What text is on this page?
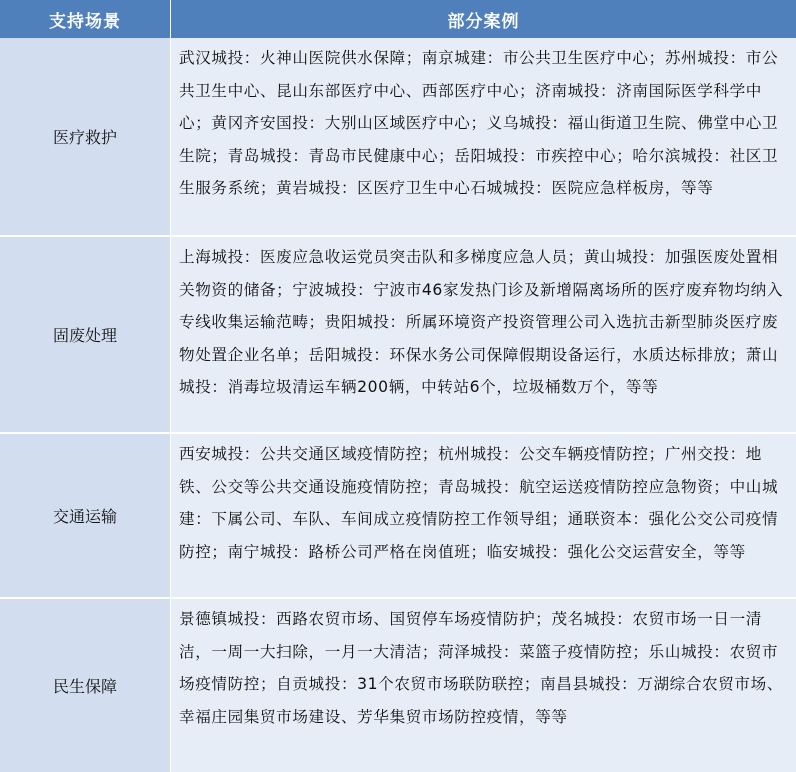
支持场景	部分案例
医疗救护
武汉城投：火神山医院供水保障；南京城建：市公共卫生医疗中心；苏州城投：市公共卫生中心、昆山东部医疗中心、西部医疗中心；济南城投：济南国际医学科学中心；黄冈齐安国投：大别山区域医疗中心；义乌城投：福山街道卫生院、佛堂中心卫生院；青岛城投：青岛市民健康中心；岳阳城投：市疾控中心；哈尔滨城投：社区卫生服务系统；黄岩城投：区医疗卫生中心石城城投：医院应急样板房，等等
固废处理
上海城投：医废应急收运党员突击队和多梯度应急人员；黄山城投：加强医废处置相关物资的储备；宁波城投：宁波市46家发热门诊及新增隔离场所的医疗废弃物均纳入专线收集运输范畴；贵阳城投：所属环境资产投资管理公司入选抗击新型肺炎医疗废物处置企业名单；岳阳城投：环保水务公司保障假期设备运行，水质达标排放；萧山城投：消毒垃圾清运车辆200辆，中转站6个，垃圾桶数万个，等等
交通运输
西安城投：公共交通区域疫情防控；杭州城投：公交车辆疫情防控；广州交投：地铁、公交等公共交通设施疫情防控；青岛城投：航空运送疫情防控应急物资；中山城建：下属公司、车队、车间成立疫情防控工作领导组；通联资本：强化公交公司疫情防控；南宁城投：路桥公司严格在岗值班；临安城投：强化公交运营安全，等等
民生保障
景德镇城投：西路农贸市场、国贸停车场疫情防护；茂名城投：农贸市场一日一清洁，一周一大扫除，一月一大清洁；菏泽城投：菜篮子疫情防控；乐山城投：农贸市场疫情防控；自贡城投：31个农贸市场联防联控；南昌县城投：万湖综合农贸市场、幸福庄园集贸市场建设、芳华集贸市场防控疫情，等等
